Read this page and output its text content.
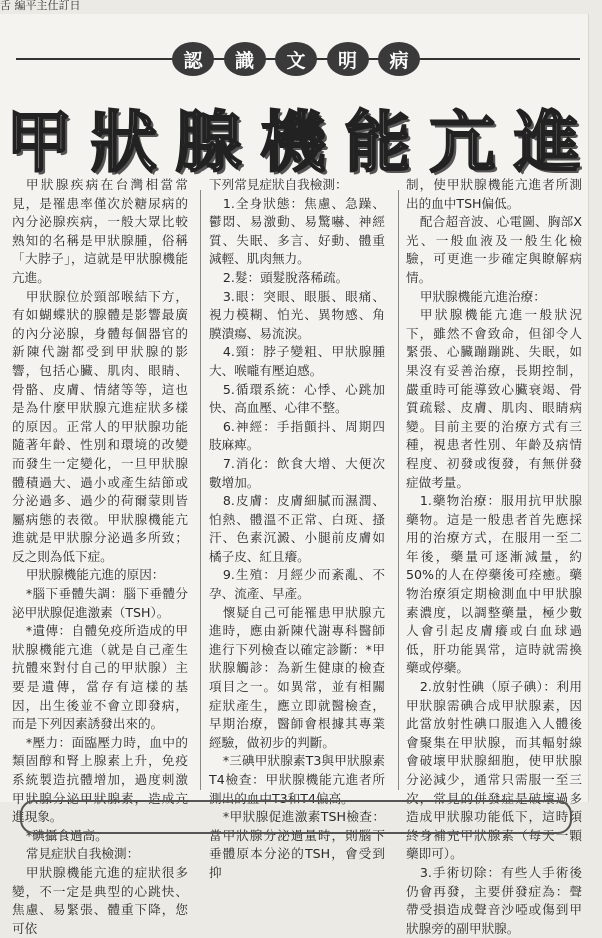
舌 編平主仕訂日
認	識	文	明	病
甲 狀 腺 機 能 亢 進

甲狀腺疾病在台灣相當常見，是罹患率僅次於糖尿病的內分泌腺疾病，一般大眾比較熟知的名稱是甲狀腺腫，俗稱「大脖子」，這就是甲狀腺機能亢進。

甲狀腺位於頸部喉結下方，有如蝴蝶狀的腺體是影響最廣的內分泌腺，身體每個器官的新陳代謝都受到甲狀腺的影響，包括心臟、肌肉、眼睛、骨骼、皮膚、情緒等等，這也是為什麼甲狀腺亢進症狀多樣的原因。正常人的甲狀腺功能隨著年齡、性別和環境的改變而發生一定變化，一旦甲狀腺體積過大、過小或產生結節或分泌過多、過少的荷爾蒙則皆屬病態的表徵。甲狀腺機能亢進就是甲狀腺分泌過多所致；反之則為低下症。

甲狀腺機能亢進的原因：

*腦下垂體失調：腦下垂體分泌甲狀腺促進激素（TSH）。

*遺傳：自體免疫所造成的甲狀腺機能亢進（就是自己產生抗體來對付自己的甲狀腺）主要是遺傳，當存有這樣的基因，出生後並不會立即發病，而是下列因素誘發出來的。

*壓力：面臨壓力時，血中的類固醇和腎上腺素上升，免疫系統製造抗體增加，過度刺激甲狀腺分泌甲狀腺素，造成亢進現象。

*碘攝食過高。

常見症狀自我檢測：

甲狀腺機能亢進的症狀很多變，不一定是典型的心跳快、焦慮、易緊張、體重下降，您可依

下列常見症狀自我檢測：

1.全身狀態：焦慮、急躁、鬱悶、易激動、易驚嚇、神經質、失眠、多言、好動、體重減輕、肌肉無力。

2.髮：頭髮脫落稀疏。

3.眼：突眼、眼脹、眼痛、視力模糊、怕光、異物感、角膜潰瘍、易流淚。

4.頸：脖子變粗、甲狀腺腫大、喉嚨有壓迫感。

5.循環系統：心悸、心跳加快、高血壓、心律不整。

6.神經：手指顫抖、周期四肢麻痺。

7.消化：飲食大增、大便次數增加。

8.皮膚：皮膚細膩而濕潤、怕熱、體溫不正常、白斑、搔汗、色素沉澱、小腿前皮膚如橘子皮、紅且癢。

9.生殖：月經少而紊亂、不孕、流產、早產。

懷疑自己可能罹患甲狀腺亢進時，應由新陳代謝專科醫師進行下列檢查以確定診斷：*甲狀腺觸診：為新生健康的檢查項目之一。如異常，並有相關症狀產生，應立即就醫檢查，早期治療，醫師會根據其專業經驗，做初步的判斷。

*三碘甲狀腺素T3與甲狀腺素T4檢查：甲狀腺機能亢進者所測出的血中T3和T4偏高。

*甲狀腺促進激素TSH檢查：當甲狀腺分泌過量時，則腦下垂體原本分泌的TSH，會受到抑

制，使甲狀腺機能亢進者所測出的血中TSH偏低。

配合超音波、心電圖、胸部X光、一般血液及一般生化檢驗，可更進一步確定與瞭解病情。

甲狀腺機能亢進治療：

甲狀腺機能亢進一般狀況下，雖然不會致命，但卻令人緊張、心臟蹦蹦跳、失眠，如果沒有妥善治療，長期控制，嚴重時可能導致心臟衰竭、骨質疏鬆、皮膚、肌肉、眼睛病變。目前主要的治療方式有三種，視患者性別、年齡及病情程度、初發或復發，有無併發症做考量。

1.藥物治療：服用抗甲狀腺藥物。這是一般患者首先應採用的治療方式，在服用一至二年後，藥量可逐漸減量，約50%的人在停藥後可痊癒。藥物治療須定期檢測血中甲狀腺素濃度，以調整藥量，極少數人會引起皮膚癢或白血球過低，肝功能異常，這時就需換藥或停藥。

2.放射性碘（原子碘）：利用甲狀腺需碘合成甲狀腺素，因此當放射性碘口服進入人體後會聚集在甲狀腺，而其輻射線會破壞甲狀腺細胞，使甲狀腺分泌減少，通常只需服一至三次，常見的併發症是破壞過多造成甲狀腺功能低下，這時須終身補充甲狀腺素（每天一顆藥即可）。

3.手術切除：有些人手術後仍會再發，主要併發症為：聲帶受損造成聲音沙啞或傷到甲狀腺旁的副甲狀腺。
